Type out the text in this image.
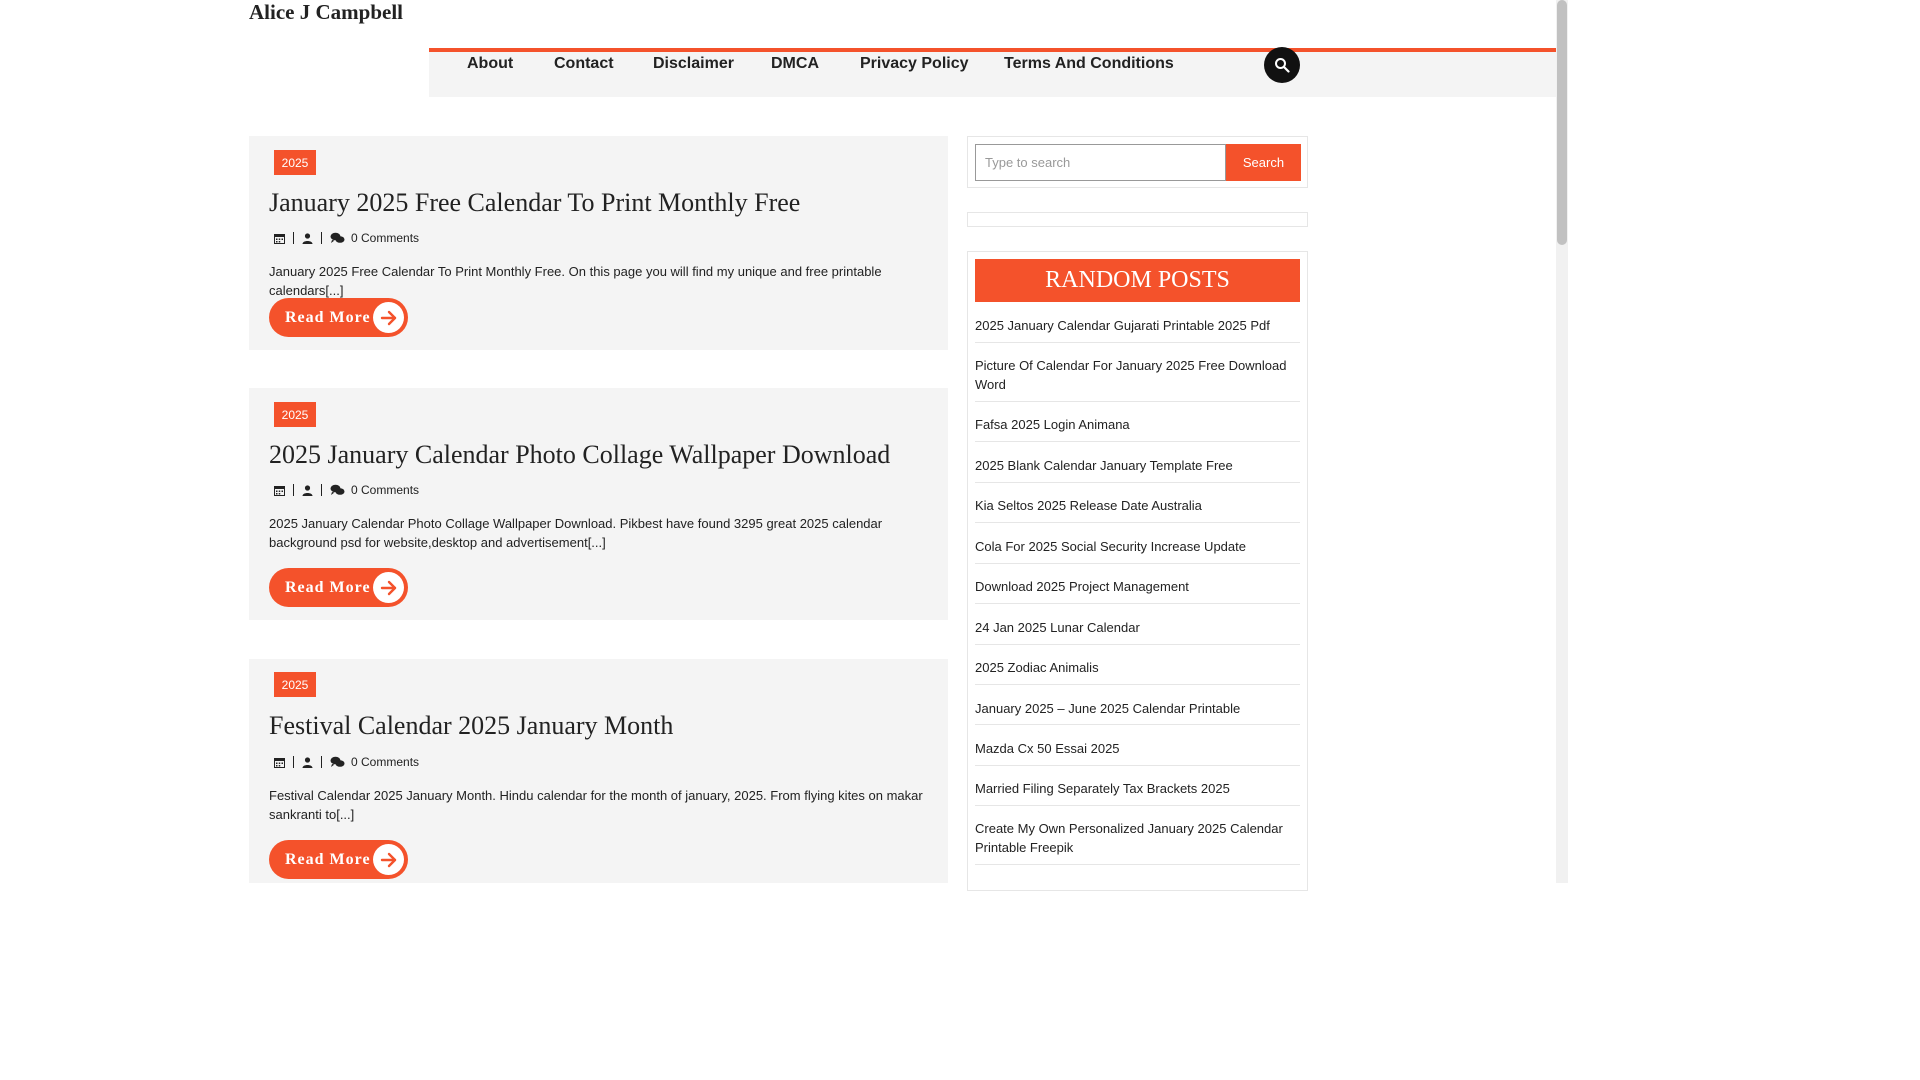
Alice J Campbell
About	Contact Disclaimer DMCA	Privacy Policy Terms And Conditions
2025
January 2025 Free Calendar To Print Monthly Free
0 Comments
January 2025 Free Calendar To Print Monthly Free. On this page you will find my unique and free printable calendars[...]
Read More
2025
2025 January Calendar Photo Collage Wallpaper Download
0 Comments
2025 January Calendar Photo Collage Wallpaper Download. Pikbest have found 3295 great 2025 calendar background psd for website,desktop and advertisement[...]
Read More
2025
Festival Calendar 2025 January Month
0 Comments
Festival Calendar 2025 January Month. Hindu calendar for the month of january, 2025. From flying kites on makar sankranti to[...]
Read More
Type to search	Search
RANDOM POSTS
2025 January Calendar Gujarati Printable 2025 Pdf
Picture Of Calendar For January 2025 Free Download Word
Fafsa 2025 Login Animana
2025 Blank Calendar January Template Free
Kia Seltos 2025 Release Date Australia
Cola For 2025 Social Security Increase Update
Download 2025 Project Management
24 Jan 2025 Lunar Calendar
2025 Zodiac Animalis
January 2025 – June 2025 Calendar Printable
Mazda Cx 50 Essai 2025
Married Filing Separately Tax Brackets 2025
Create My Own Personalized January 2025 Calendar Printable Freepik
